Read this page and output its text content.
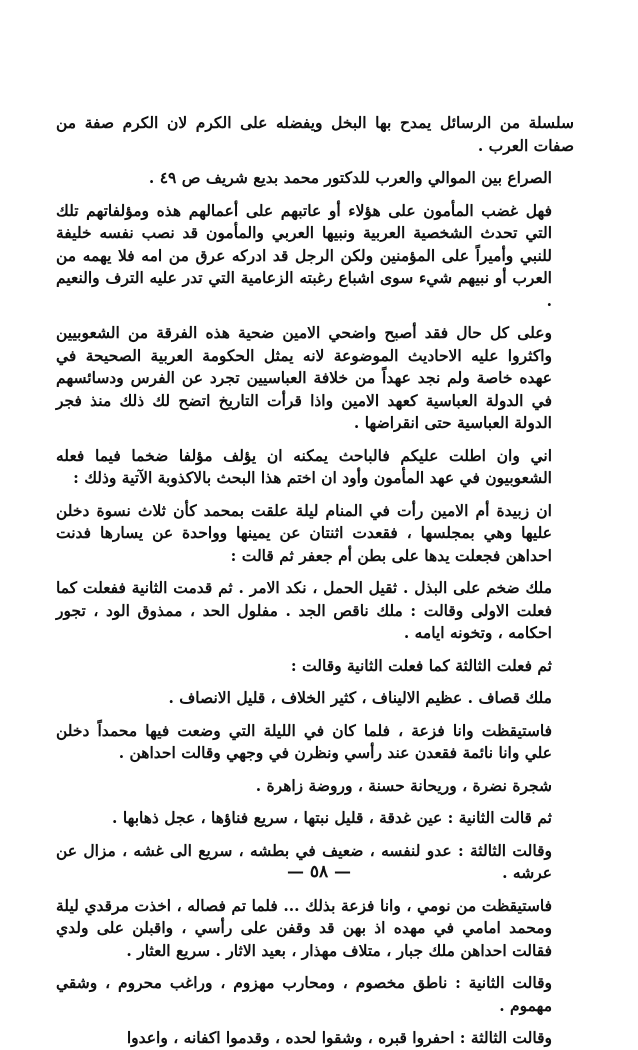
سلسلة من الرسائل يمدح بها البخل ويفضله على الكرم لان الكرم صفة من صفات العرب .

الصراع بين الموالي والعرب للدكتور محمد بديع شريف ص ٤٩ .

فهل غضب المأمون على هؤلاء أو عاتبهم على أعمالهم هذه ومؤلفاتهم تلك التي تحدث الشخصية العربية ونبيها العربي والمأمون قد نصب نفسه خليفة للنبي وأميراً على المؤمنين ولكن الرجل قد ادركه عرق من امه فلا يهمه من العرب أو نبيهم شيء سوى اشباع رغبته الزعامية التي تدر عليه الترف والنعيم .

وعلى كل حال فقد أصبح واضحي الامين ضحية هذه الفرقة من الشعوبيين واكثروا عليه الاحاديث الموضوعة لانه يمثل الحكومة العربية الصحيحة في عهده خاصة ولم نجد عهداً من خلافة العباسيين تجرد عن الفرس ودسائسهم في الدولة العباسية كعهد الامين واذا قرأت التاريخ اتضح لك ذلك منذ فجر الدولة العباسية حتى انقراضها .

اني وان اطلت عليكم فالباحث يمكنه ان يؤلف مؤلفا ضخما فيما فعله الشعوبيون في عهد المأمون وأود ان اختم هذا البحث بالاكذوبة الآتية وذلك :

ان زبيدة أم الامين رأت في المنام ليلة علقت بمحمد كأن ثلاث نسوة دخلن عليها وهي بمجلسها ، فقعدت اثنتان عن يمينها وواحدة عن يسارها فدنت احداهن فجعلت يدها على بطن أم جعفر ثم قالت :

ملك ضخم على البذل . ثقيل الحمل ، نكد الامر . ثم قدمت الثانية ففعلت كما فعلت الاولى وقالت : ملك ناقص الجد . مفلول الحد ، ممذوق الود ، تجور احكامه ، وتخونه ايامه .

ثم فعلت الثالثة كما فعلت الثانية وقالت :

ملك قصاف . عظيم الاليناف ، كثير الخلاف ، قليل الانصاف .

فاستيقظت وانا فزعة ، فلما كان في الليلة التي وضعت فيها محمداً دخلن علي وانا نائمة فقعدن عند رأسي ونظرن في وجهي وقالت احداهن .

شجرة نضرة ، وريحانة حسنة ، وروضة زاهرة .

ثم قالت الثانية : عين غدقة ، قليل نبتها ، سريع فناؤها ، عجل ذهابها .

وقالت الثالثة : عدو لنفسه ، ضعيف في بطشه ، سريع الى غشه ، مزال عن عرشه .

فاستيقظت من نومي ، وانا فزعة بذلك ... فلما تم فصاله ، اخذت مرقدي ليلة ومحمد امامي في مهده اذ بهن قد وقفن على رأسي ، واقبلن على ولدي فقالت احداهن ملك جبار ، متلاف مهذار ، بعيد الاثار . سريع العثار .

وقالت الثانية : ناطق مخصوم ، ومحارب مهزوم ، وراغب محروم ، وشقي مهموم .

وقالت الثالثة : احفروا قبره ، وشقوا لحده ، وقدموا اكفانه ، واعدوا

— ٥٨ —
